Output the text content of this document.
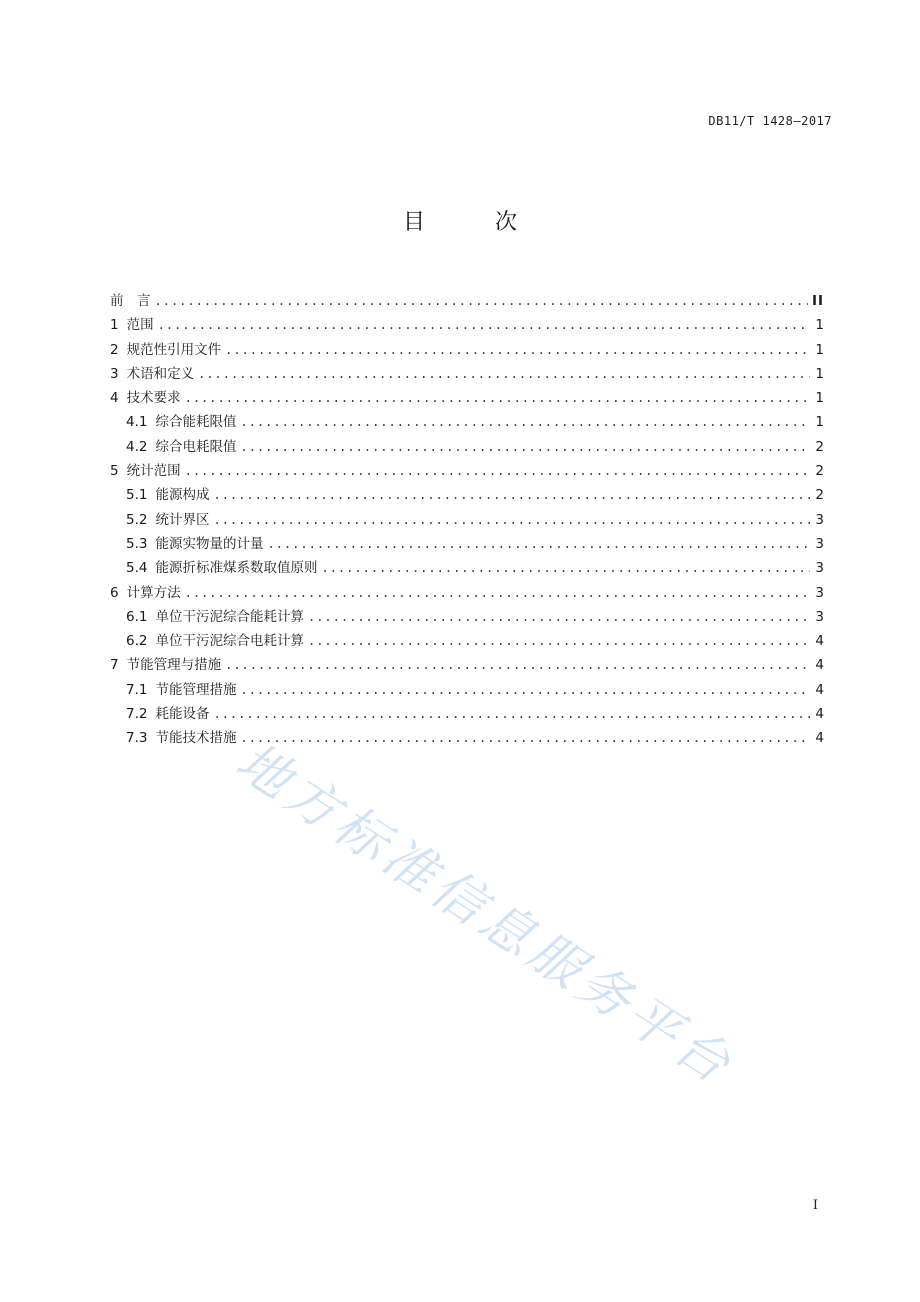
DB11/T 1428—2017
目　次
前　言 .....	II
1 范围 .....	1
2 规范性引用文件 .....	1
3 术语和定义 .....	1
4 技术要求 .....	1
4.1 综合能耗限值 .....	1
4.2 综合电耗限值 .....	2
5 统计范围 .....	2
5.1 能源构成 .....	2
5.2 统计界区 .....	3
5.3 能源实物量的计量 .....	3
5.4 能源折标准煤系数取值原则 .....	3
6 计算方法 .....	3
6.1 单位干污泥综合能耗计算 .....	3
6.2 单位干污泥综合电耗计算 .....	4
7 节能管理与措施 .....	4
7.1 节能管理措施 .....	4
7.2 耗能设备 .....	4
7.3 节能技术措施 .....	4
地方标准信息服务平台
I
